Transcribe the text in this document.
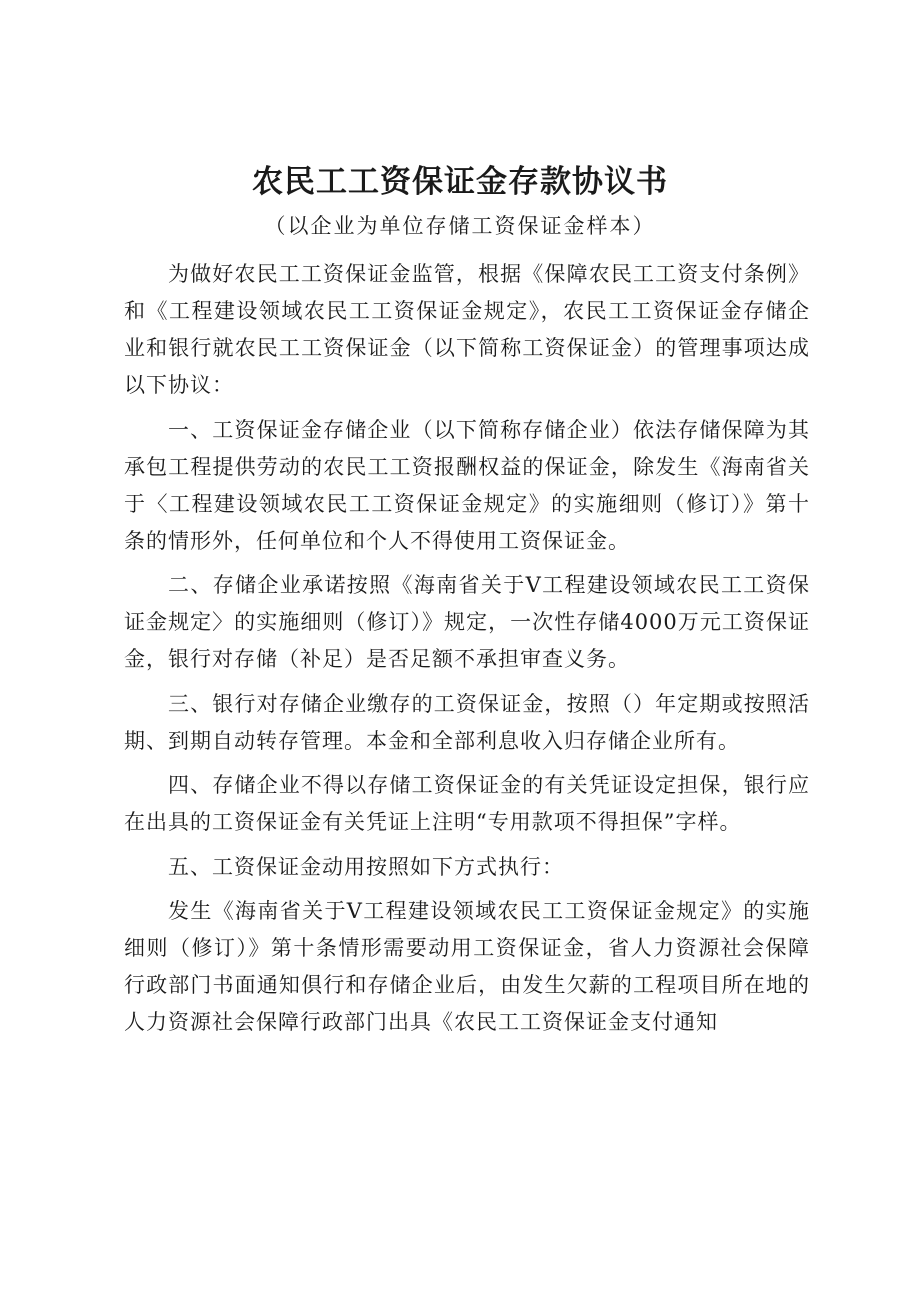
农民工工资保证金存款协议书
（以企业为单位存储工资保证金样本）

为做好农民工工资保证金监管，根据《保障农民工工资支付条例》和《工程建设领域农民工工资保证金规定》，农民工工资保证金存储企业和银行就农民工工资保证金（以下简称工资保证金）的管理事项达成以下协议：

一、工资保证金存储企业（以下简称存储企业）依法存储保障为其承包工程提供劳动的农民工工资报酬权益的保证金，除发生《海南省关于〈工程建设领域农民工工资保证金规定》的实施细则（修订）》第十条的情形外，任何单位和个人不得使用工资保证金。

二、存储企业承诺按照《海南省关于V工程建设领域农民工工资保证金规定〉的实施细则（修订）》规定，一次性存储4000万元工资保证金，银行对存储（补足）是否足额不承担审查义务。

三、银行对存储企业缴存的工资保证金，按照（）年定期或按照活期、到期自动转存管理。本金和全部利息收入归存储企业所有。

四、存储企业不得以存储工资保证金的有关凭证设定担保，银行应在出具的工资保证金有关凭证上注明“专用款项不得担保”字样。

五、工资保证金动用按照如下方式执行：

发生《海南省关于V工程建设领域农民工工资保证金规定》的实施细则（修订）》第十条情形需要动用工资保证金，省人力资源社会保障行政部门书面通知倶行和存储企业后，由发生欠薪的工程项目所在地的人力资源社会保障行政部门出具《农民工工资保证金支付通知
